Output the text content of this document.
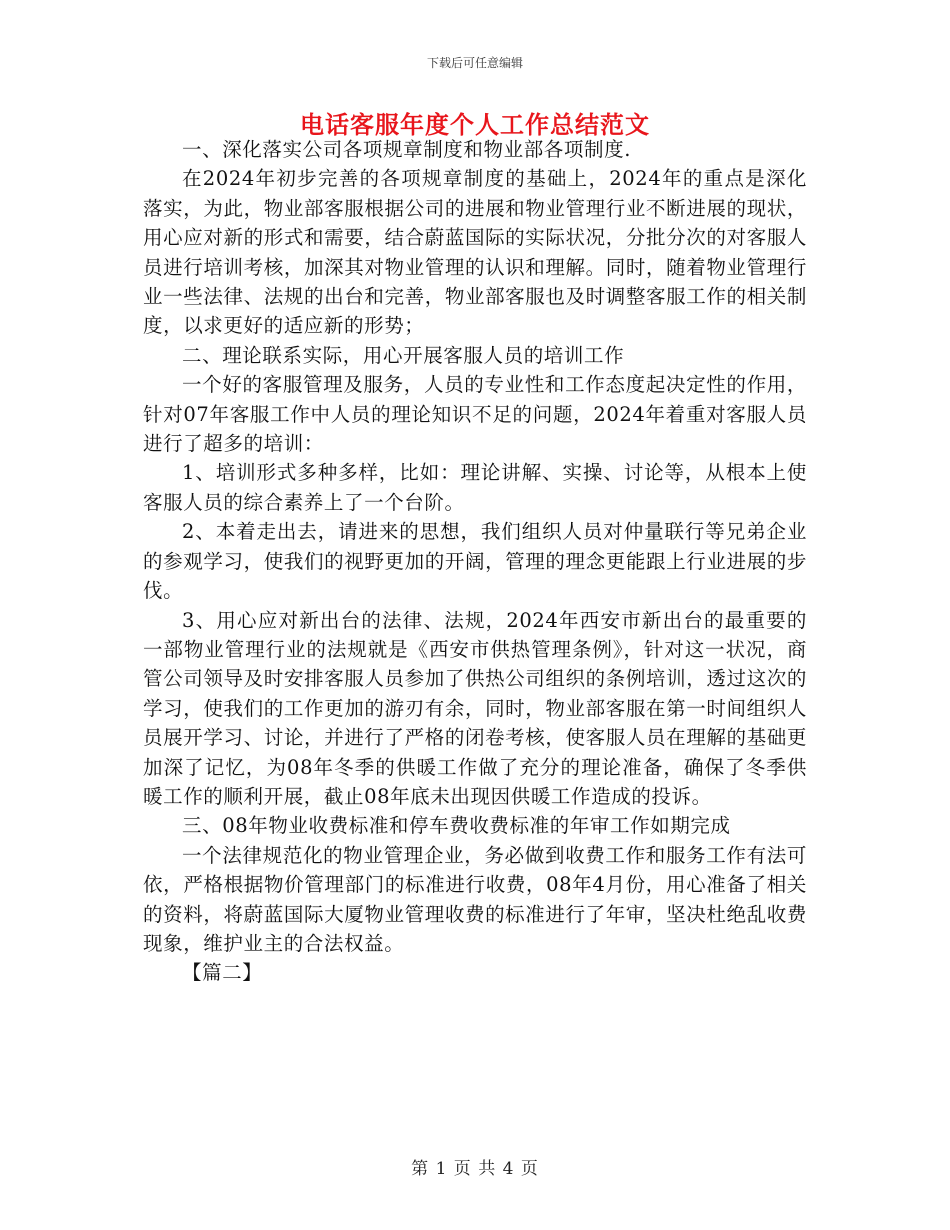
下载后可任意编辑
电话客服年度个人工作总结范文

一、深化落实公司各项规章制度和物业部各项制度.

在2024年初步完善的各项规章制度的基础上，2024年的重点是深化落实，为此，物业部客服根据公司的进展和物业管理行业不断进展的现状，用心应对新的形式和需要，结合蔚蓝国际的实际状况，分批分次的对客服人员进行培训考核，加深其对物业管理的认识和理解。同时，随着物业管理行业一些法律、法规的出台和完善，物业部客服也及时调整客服工作的相关制度，以求更好的适应新的形势；

二、理论联系实际，用心开展客服人员的培训工作

一个好的客服管理及服务，人员的专业性和工作态度起决定性的作用，针对07年客服工作中人员的理论知识不足的问题，2024年着重对客服人员进行了超多的培训：

1、培训形式多种多样，比如：理论讲解、实操、讨论等，从根本上使客服人员的综合素养上了一个台阶。

2、本着走出去，请进来的思想，我们组织人员对仲量联行等兄弟企业的参观学习，使我们的视野更加的开阔，管理的理念更能跟上行业进展的步伐。

3、用心应对新出台的法律、法规，2024年西安市新出台的最重要的一部物业管理行业的法规就是《西安市供热管理条例》，针对这一状况，商管公司领导及时安排客服人员参加了供热公司组织的条例培训，透过这次的学习，使我们的工作更加的游刃有余，同时，物业部客服在第一时间组织人员展开学习、讨论，并进行了严格的闭卷考核，使客服人员在理解的基础更加深了记忆，为08年冬季的供暖工作做了充分的理论准备，确保了冬季供暖工作的顺利开展，截止08年底未出现因供暖工作造成的投诉。

三、08年物业收费标准和停车费收费标准的年审工作如期完成

一个法律规范化的物业管理企业，务必做到收费工作和服务工作有法可依，严格根据物价管理部门的标准进行收费，08年4月份，用心准备了相关的资料，将蔚蓝国际大厦物业管理收费的标准进行了年审，坚决杜绝乱收费现象，维护业主的合法权益。

【篇二】

第 1 页 共 4 页
